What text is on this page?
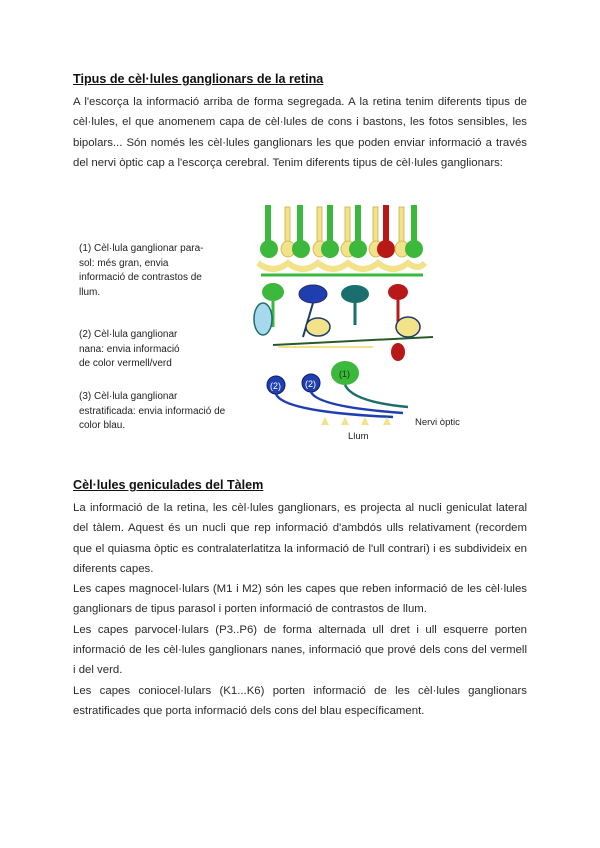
Tipus de cèl·lules ganglionars de la retina

A l'escorça la informació arriba de forma segregada. A la retina tenim diferents tipus de cèl·lules, el que anomenem capa de cèl·lules de cons i bastons, les fotos sensibles, les bipolars... Són només les cèl·lules ganglionars les que poden enviar informació a través del nervi òptic cap a l'escorça cerebral. Tenim diferents tipus de cèl·lules ganglionars:

(1) Cèl·lula ganglionar para-
sol: més gran, envia
informació de contrastos de
llum.
(2) Cèl·lula ganglionar
nana: envia informació
de color vermell/verd
(3) Cèl·lula ganglionar
estratificada: envia informació de
color blau.
(2)	(2)
(1)
Nervi òptic
Llum
Cèl·lules geniculades del Tàlem

La informació de la retina, les cèl·lules ganglionars, es projecta al nucli geniculat lateral del tàlem. Aquest és un nucli que rep informació d'ambdós ulls relativament (recordem que el quiasma òptic es contralaterlatitza la informació de l'ull contrari) i es subdivideix en diferents capes.

Les capes magnocel·lulars (M1 i M2) són les capes que reben informació de les cèl·lules ganglionars de tipus parasol i porten informació de contrastos de llum.

Les capes parvocel·lulars (P3..P6) de forma alternada ull dret i ull esquerre porten informació de les cèl·lules ganglionars nanes, informació que prové dels cons del vermell i del verd.

Les capes coniocel·lulars (K1...K6) porten informació de les cèl·lules ganglionars estratificades que porta informació dels cons del blau específicament.
